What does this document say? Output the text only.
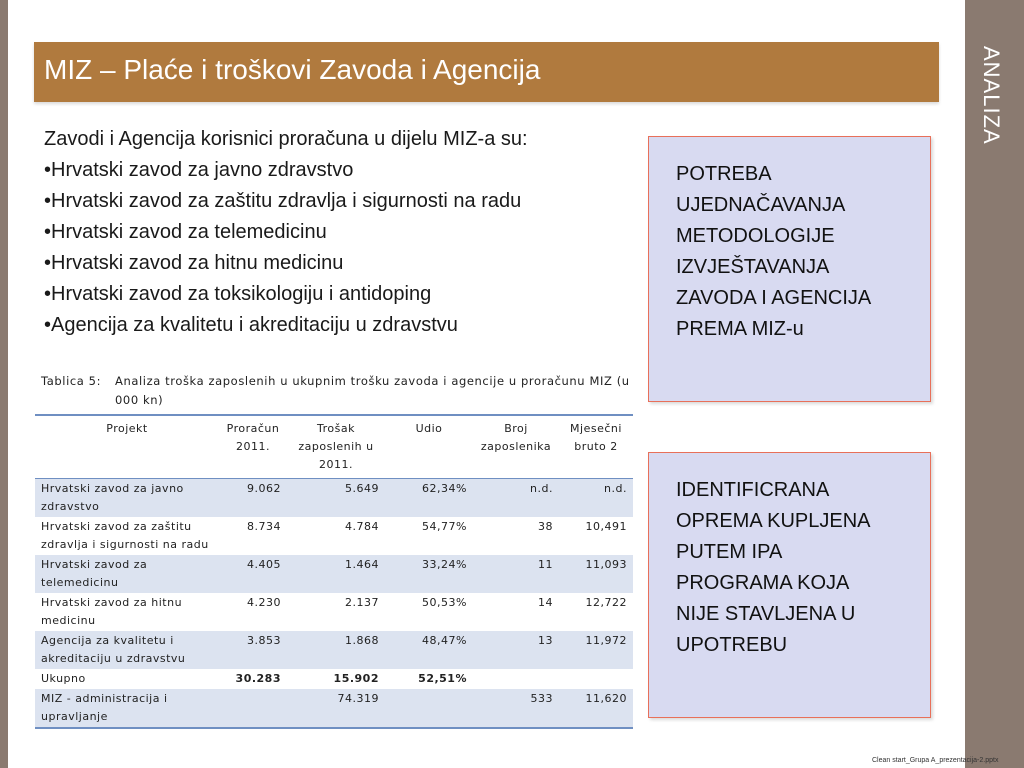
ANALIZA
MIZ – Plaće i troškovi Zavoda i Agencija
Zavodi i Agencija korisnici proračuna u dijelu MIZ-a su:
• Hrvatski zavod za javno zdravstvo
• Hrvatski zavod za zaštitu zdravlja i sigurnosti na radu
• Hrvatski zavod za telemedicinu
• Hrvatski zavod za hitnu medicinu
• Hrvatski zavod za toksikologiju i antidoping
• Agencija za kvalitetu i akreditaciju u zdravstvu
Tablica 5: Analiza troška zaposlenih u ukupnim trošku zavoda i agencije u proračunu MIZ (u 000 kn)
Projekt	Proračun 2011.	Trošak zaposlenih u 2011.	Udio	Broj zaposlenika	Mjesečni bruto 2
Hrvatski zavod za javno zdravstvo	9.062	5.649	62,34%	n.d.	n.d.
Hrvatski zavod za zaštitu zdravlja i sigurnosti na radu	8.734	4.784	54,77%	38	10,491
Hrvatski zavod za telemedicinu	4.405	1.464	33,24%	11	11,093
Hrvatski zavod za hitnu medicinu	4.230	2.137	50,53%	14	12,722
Agencija za kvalitetu i akreditaciju u zdravstvu	3.853	1.868	48,47%	13	11,972
Ukupno	30.283	15.902	52,51%		
MIZ - administracija i upravljanje		74.319		533	11,620
POTREBA
UJEDNAČAVANJA
METODOLOGIJE
IZVJEŠTAVANJA
ZAVODA I AGENCIJA
PREMA MIZ-u
IDENTIFICRANA
OPREMA KUPLJENA
PUTEM IPA
PROGRAMA KOJA
NIJE STAVLJENA U
UPOTREBU
Clean start_Grupa A_prezentacija-2.pptx
